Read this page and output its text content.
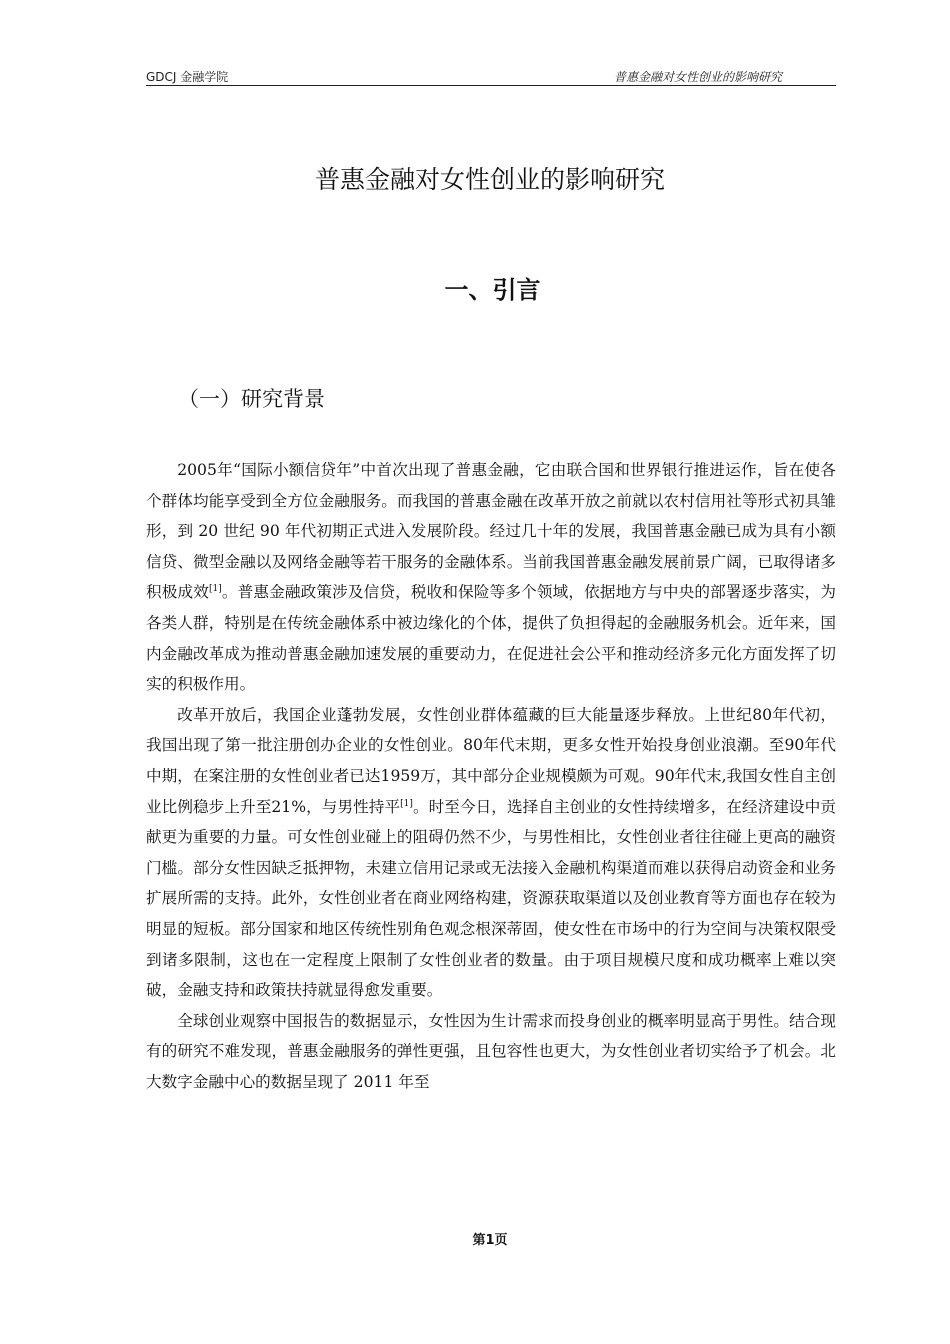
GDCJ 金融学院	普惠金融对女性创业的影响研究
普惠金融对女性创业的影响研究
一、引言
（一）研究背景

2005年“国际小额信贷年”中首次出现了普惠金融，它由联合国和世界银行推进运作，旨在使各个群体均能享受到全方位金融服务。而我国的普惠金融在改革开放之前就以农村信用社等形式初具雏形，到 20 世纪 90 年代初期正式进入发展阶段。经过几十年的发展，我国普惠金融已成为具有小额信贷、微型金融以及网络金融等若干服务的金融体系。当前我国普惠金融发展前景广阔，已取得诸多积极成效[1]。普惠金融政策涉及信贷，税收和保险等多个领域，依据地方与中央的部署逐步落实，为各类人群，特别是在传统金融体系中被边缘化的个体，提供了负担得起的金融服务机会。近年来，国内金融改革成为推动普惠金融加速发展的重要动力，在促进社会公平和推动经济多元化方面发挥了切实的积极作用。

改革开放后，我国企业蓬勃发展，女性创业群体蕴藏的巨大能量逐步释放。上世纪80年代初，我国出现了第一批注册创办企业的女性创业。80年代末期，更多女性开始投身创业浪潮。至90年代中期，在案注册的女性创业者已达1959万，其中部分企业规模颇为可观。90年代末,我国女性自主创业比例稳步上升至21%，与男性持平[1]。时至今日，选择自主创业的女性持续增多，在经济建设中贡献更为重要的力量。可女性创业碰上的阻碍仍然不少，与男性相比，女性创业者往往碰上更高的融资门槛。部分女性因缺乏抵押物，未建立信用记录或无法接入金融机构渠道而难以获得启动资金和业务扩展所需的支持。此外，女性创业者在商业网络构建，资源获取渠道以及创业教育等方面也存在较为明显的短板。部分国家和地区传统性别角色观念根深蒂固，使女性在市场中的行为空间与决策权限受到诸多限制，这也在一定程度上限制了女性创业者的数量。由于项目规模尺度和成功概率上难以突破，金融支持和政策扶持就显得愈发重要。

全球创业观察中国报告的数据显示，女性因为生计需求而投身创业的概率明显高于男性。结合现有的研究不难发现，普惠金融服务的弹性更强，且包容性也更大，为女性创业者切实给予了机会。北大数字金融中心的数据呈现了 2011 年至

第1页
